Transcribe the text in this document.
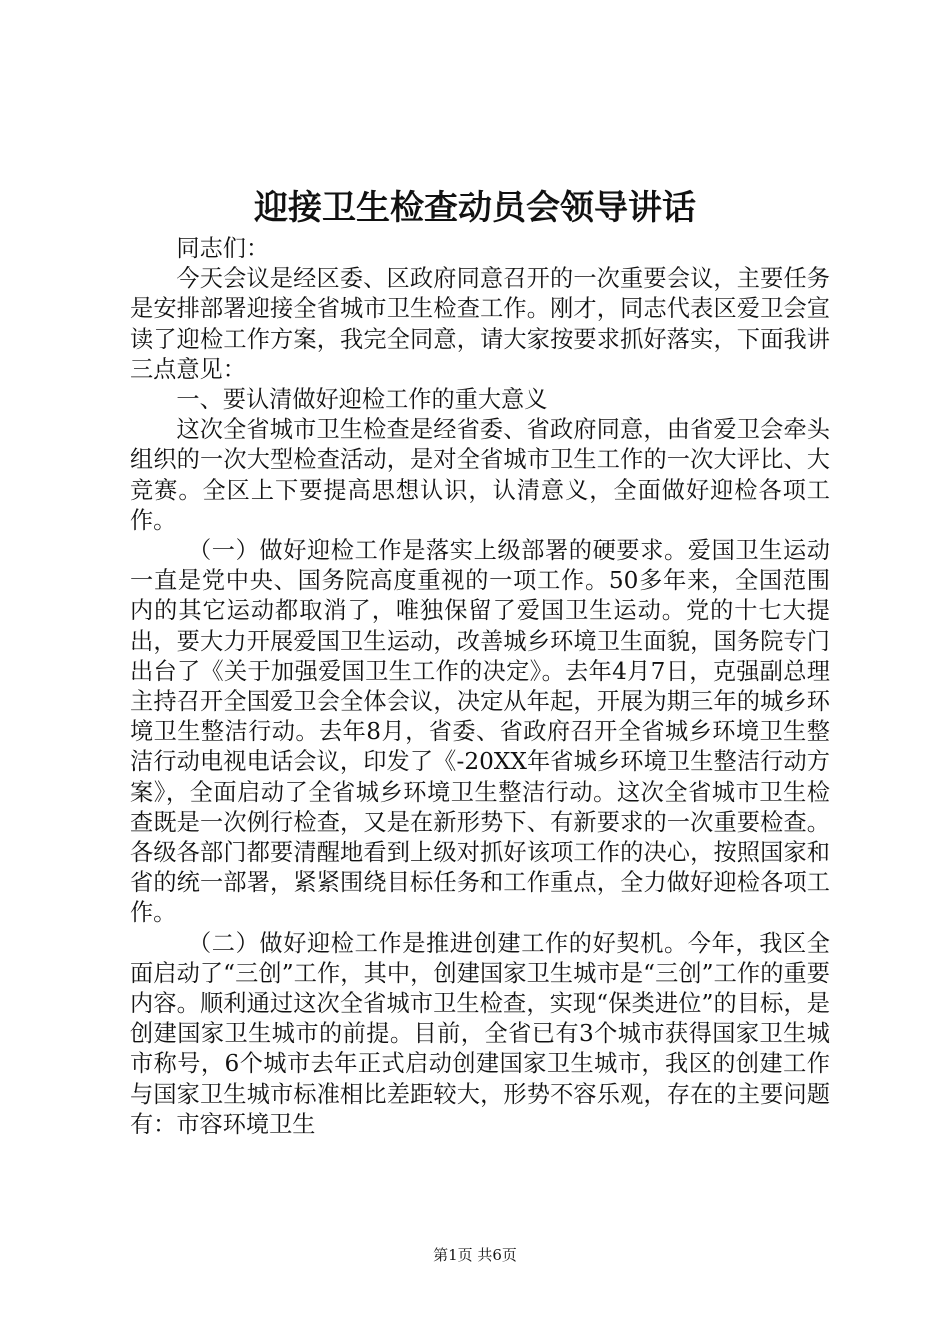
迎接卫生检查动员会领导讲话

同志们：

今天会议是经区委、区政府同意召开的一次重要会议，主要任务是安排部署迎接全省城市卫生检查工作。刚才，同志代表区爱卫会宣读了迎检工作方案，我完全同意，请大家按要求抓好落实，下面我讲三点意见：

一、要认清做好迎检工作的重大意义

这次全省城市卫生检查是经省委、省政府同意，由省爱卫会牵头组织的一次大型检查活动，是对全省城市卫生工作的一次大评比、大竞赛。全区上下要提高思想认识，认清意义，全面做好迎检各项工作。

（一）做好迎检工作是落实上级部署的硬要求。爱国卫生运动一直是党中央、国务院高度重视的一项工作。50多年来，全国范围内的其它运动都取消了，唯独保留了爱国卫生运动。党的十七大提出，要大力开展爱国卫生运动，改善城乡环境卫生面貌，国务院专门出台了《关于加强爱国卫生工作的决定》。去年4月7日，克强副总理主持召开全国爱卫会全体会议，决定从年起，开展为期三年的城乡环境卫生整洁行动。去年8月，省委、省政府召开全省城乡环境卫生整洁行动电视电话会议，印发了《-20XX年省城乡环境卫生整洁行动方案》，全面启动了全省城乡环境卫生整洁行动。这次全省城市卫生检查既是一次例行检查，又是在新形势下、有新要求的一次重要检查。各级各部门都要清醒地看到上级对抓好该项工作的决心，按照国家和省的统一部署，紧紧围绕目标任务和工作重点，全力做好迎检各项工作。

（二）做好迎检工作是推进创建工作的好契机。今年，我区全面启动了“三创”工作，其中，创建国家卫生城市是“三创”工作的重要内容。顺利通过这次全省城市卫生检查，实现“保类进位”的目标，是创建国家卫生城市的前提。目前，全省已有3个城市获得国家卫生城市称号，6个城市去年正式启动创建国家卫生城市，我区的创建工作与国家卫生城市标准相比差距较大，形势不容乐观，存在的主要问题有：市容环境卫生

第1页 共6页
